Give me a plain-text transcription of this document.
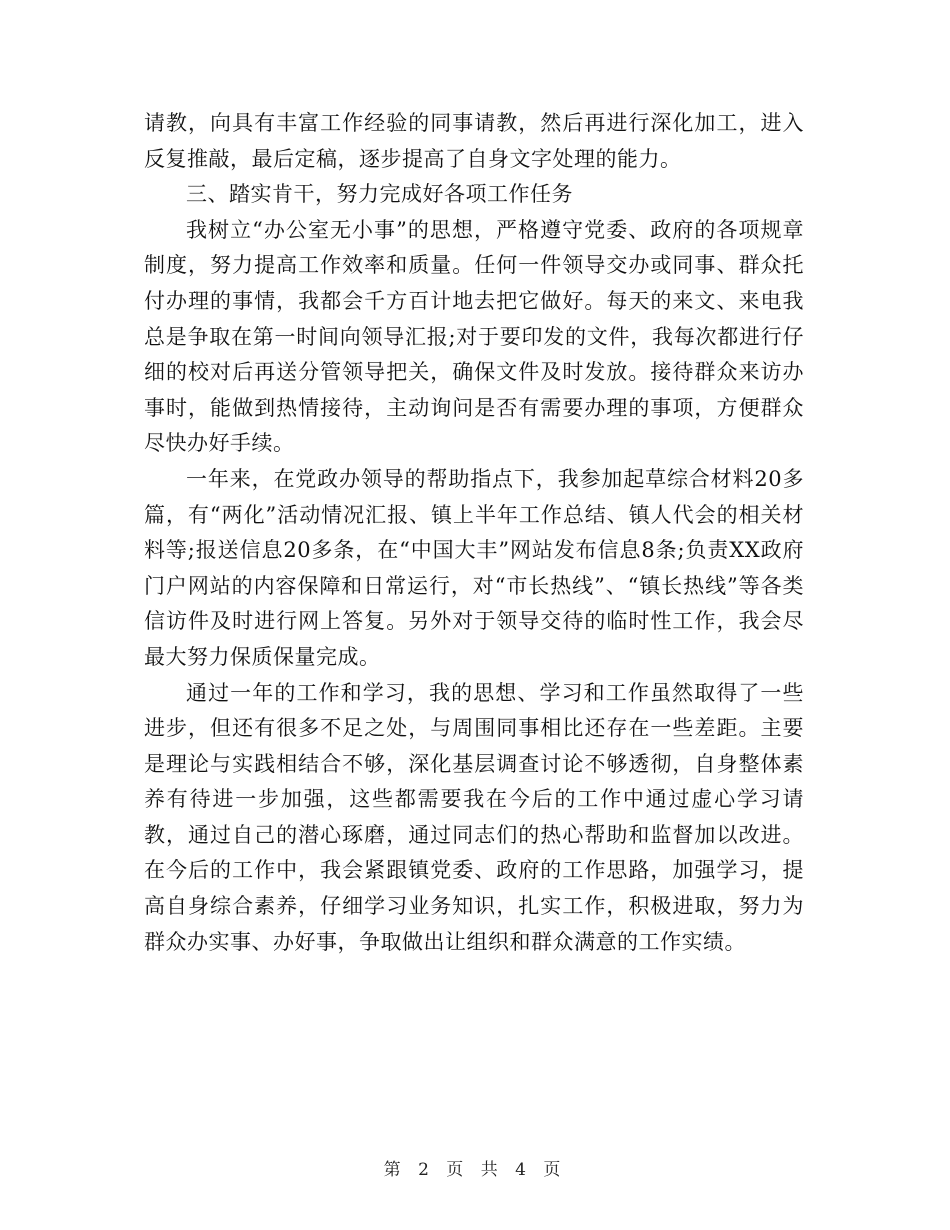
请教，向具有丰富工作经验的同事请教，然后再进行深化加工，进入反复推敲，最后定稿，逐步提高了自身文字处理的能力。

三、踏实肯干，努力完成好各项工作任务

我树立“办公室无小事”的思想，严格遵守党委、政府的各项规章制度，努力提高工作效率和质量。任何一件领导交办或同事、群众托付办理的事情，我都会千方百计地去把它做好。每天的来文、来电我总是争取在第一时间向领导汇报;对于要印发的文件，我每次都进行仔细的校对后再送分管领导把关，确保文件及时发放。接待群众来访办事时，能做到热情接待，主动询问是否有需要办理的事项，方便群众尽快办好手续。

一年来，在党政办领导的帮助指点下，我参加起草综合材料20多篇，有“两化”活动情况汇报、镇上半年工作总结、镇人代会的相关材料等;报送信息20多条，在“中国大丰”网站发布信息8条;负责XX政府门户网站的内容保障和日常运行，对“市长热线”、“镇长热线”等各类信访件及时进行网上答复。另外对于领导交待的临时性工作，我会尽最大努力保质保量完成。

通过一年的工作和学习，我的思想、学习和工作虽然取得了一些进步，但还有很多不足之处，与周围同事相比还存在一些差距。主要是理论与实践相结合不够，深化基层调查讨论不够透彻，自身整体素养有待进一步加强，这些都需要我在今后的工作中通过虚心学习请教，通过自己的潜心琢磨，通过同志们的热心帮助和监督加以改进。在今后的工作中，我会紧跟镇党委、政府的工作思路，加强学习，提高自身综合素养，仔细学习业务知识，扎实工作，积极进取，努力为群众办实事、办好事，争取做出让组织和群众满意的工作实绩。

第 2 页 共 4 页
